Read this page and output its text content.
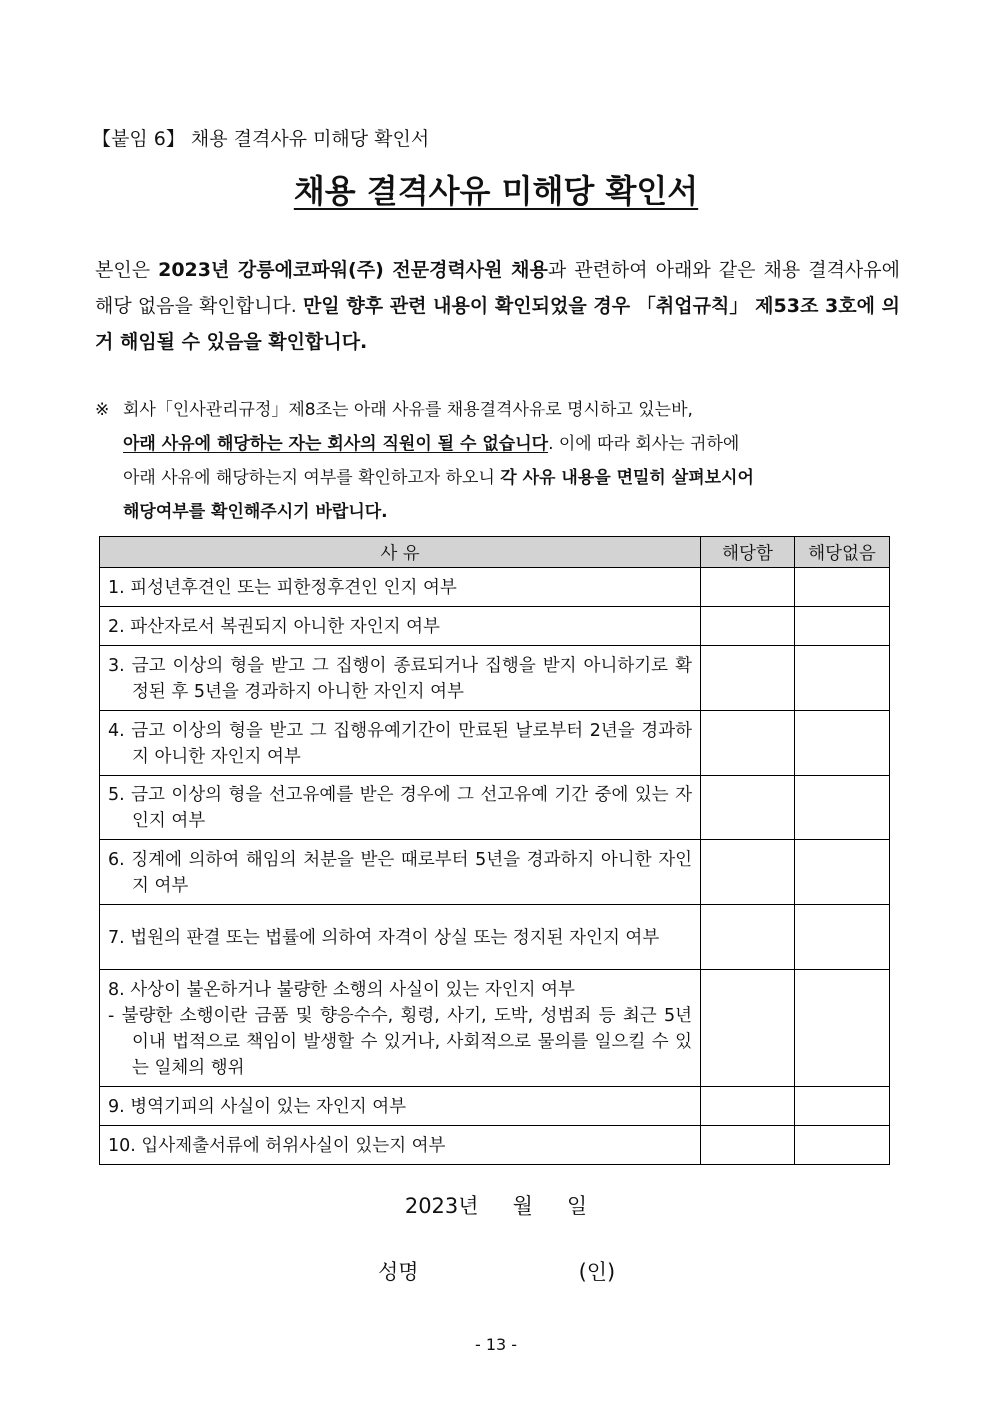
【붙임 6】 채용 결격사유 미해당 확인서
채용 결격사유 미해당 확인서
본인은 2023년 강릉에코파워(주) 전문경력사원 채용과 관련하여 아래와 같은 채용 결격사유에 해당 없음을 확인합니다. 만일 향후 관련 내용이 확인되었을 경우 「취업규칙」 제53조 3호에 의거 해임될 수 있음을 확인합니다.
※ 회사「인사관리규정」제8조는 아래 사유를 채용결격사유로 명시하고 있는바,
아래 사유에 해당하는 자는 회사의 직원이 될 수 없습니다. 이에 따라 회사는 귀하에
아래 사유에 해당하는지 여부를 확인하고자 하오니 각 사유 내용을 면밀히 살펴보시어
해당여부를 확인해주시기 바랍니다.
사 유	해당함	해당없음

1. 피성년후견인 또는 피한정후견인 인지 여부		

2. 파산자로서 복권되지 아니한 자인지 여부		

3. 금고 이상의 형을 받고 그 집행이 종료되거나 집행을 받지 아니하기로 확정된 후 5년을 경과하지 아니한 자인지 여부		

4. 금고 이상의 형을 받고 그 집행유예기간이 만료된 날로부터 2년을 경과하지 아니한 자인지 여부		

5. 금고 이상의 형을 선고유예를 받은 경우에 그 선고유예 기간 중에 있는 자인지 여부		

6. 징계에 의하여 해임의 처분을 받은 때로부터 5년을 경과하지 아니한 자인지 여부		

7. 법원의 판결 또는 법률에 의하여 자격이 상실 또는 정지된 자인지 여부		

8. 사상이 불온하거나 불량한 소행의 사실이 있는 자인지 여부
- 불량한 소행이란 금품 및 향응수수, 횡령, 사기, 도박, 성범죄 등 최근 5년 이내 법적으로 책임이 발생할 수 있거나, 사회적으로 물의를 일으킬 수 있는 일체의 행위		

9. 병역기피의 사실이 있는 자인지 여부		

10. 입사제출서류에 허위사실이 있는지 여부		

2023년 월 일
성명	(인)
- 13 -
